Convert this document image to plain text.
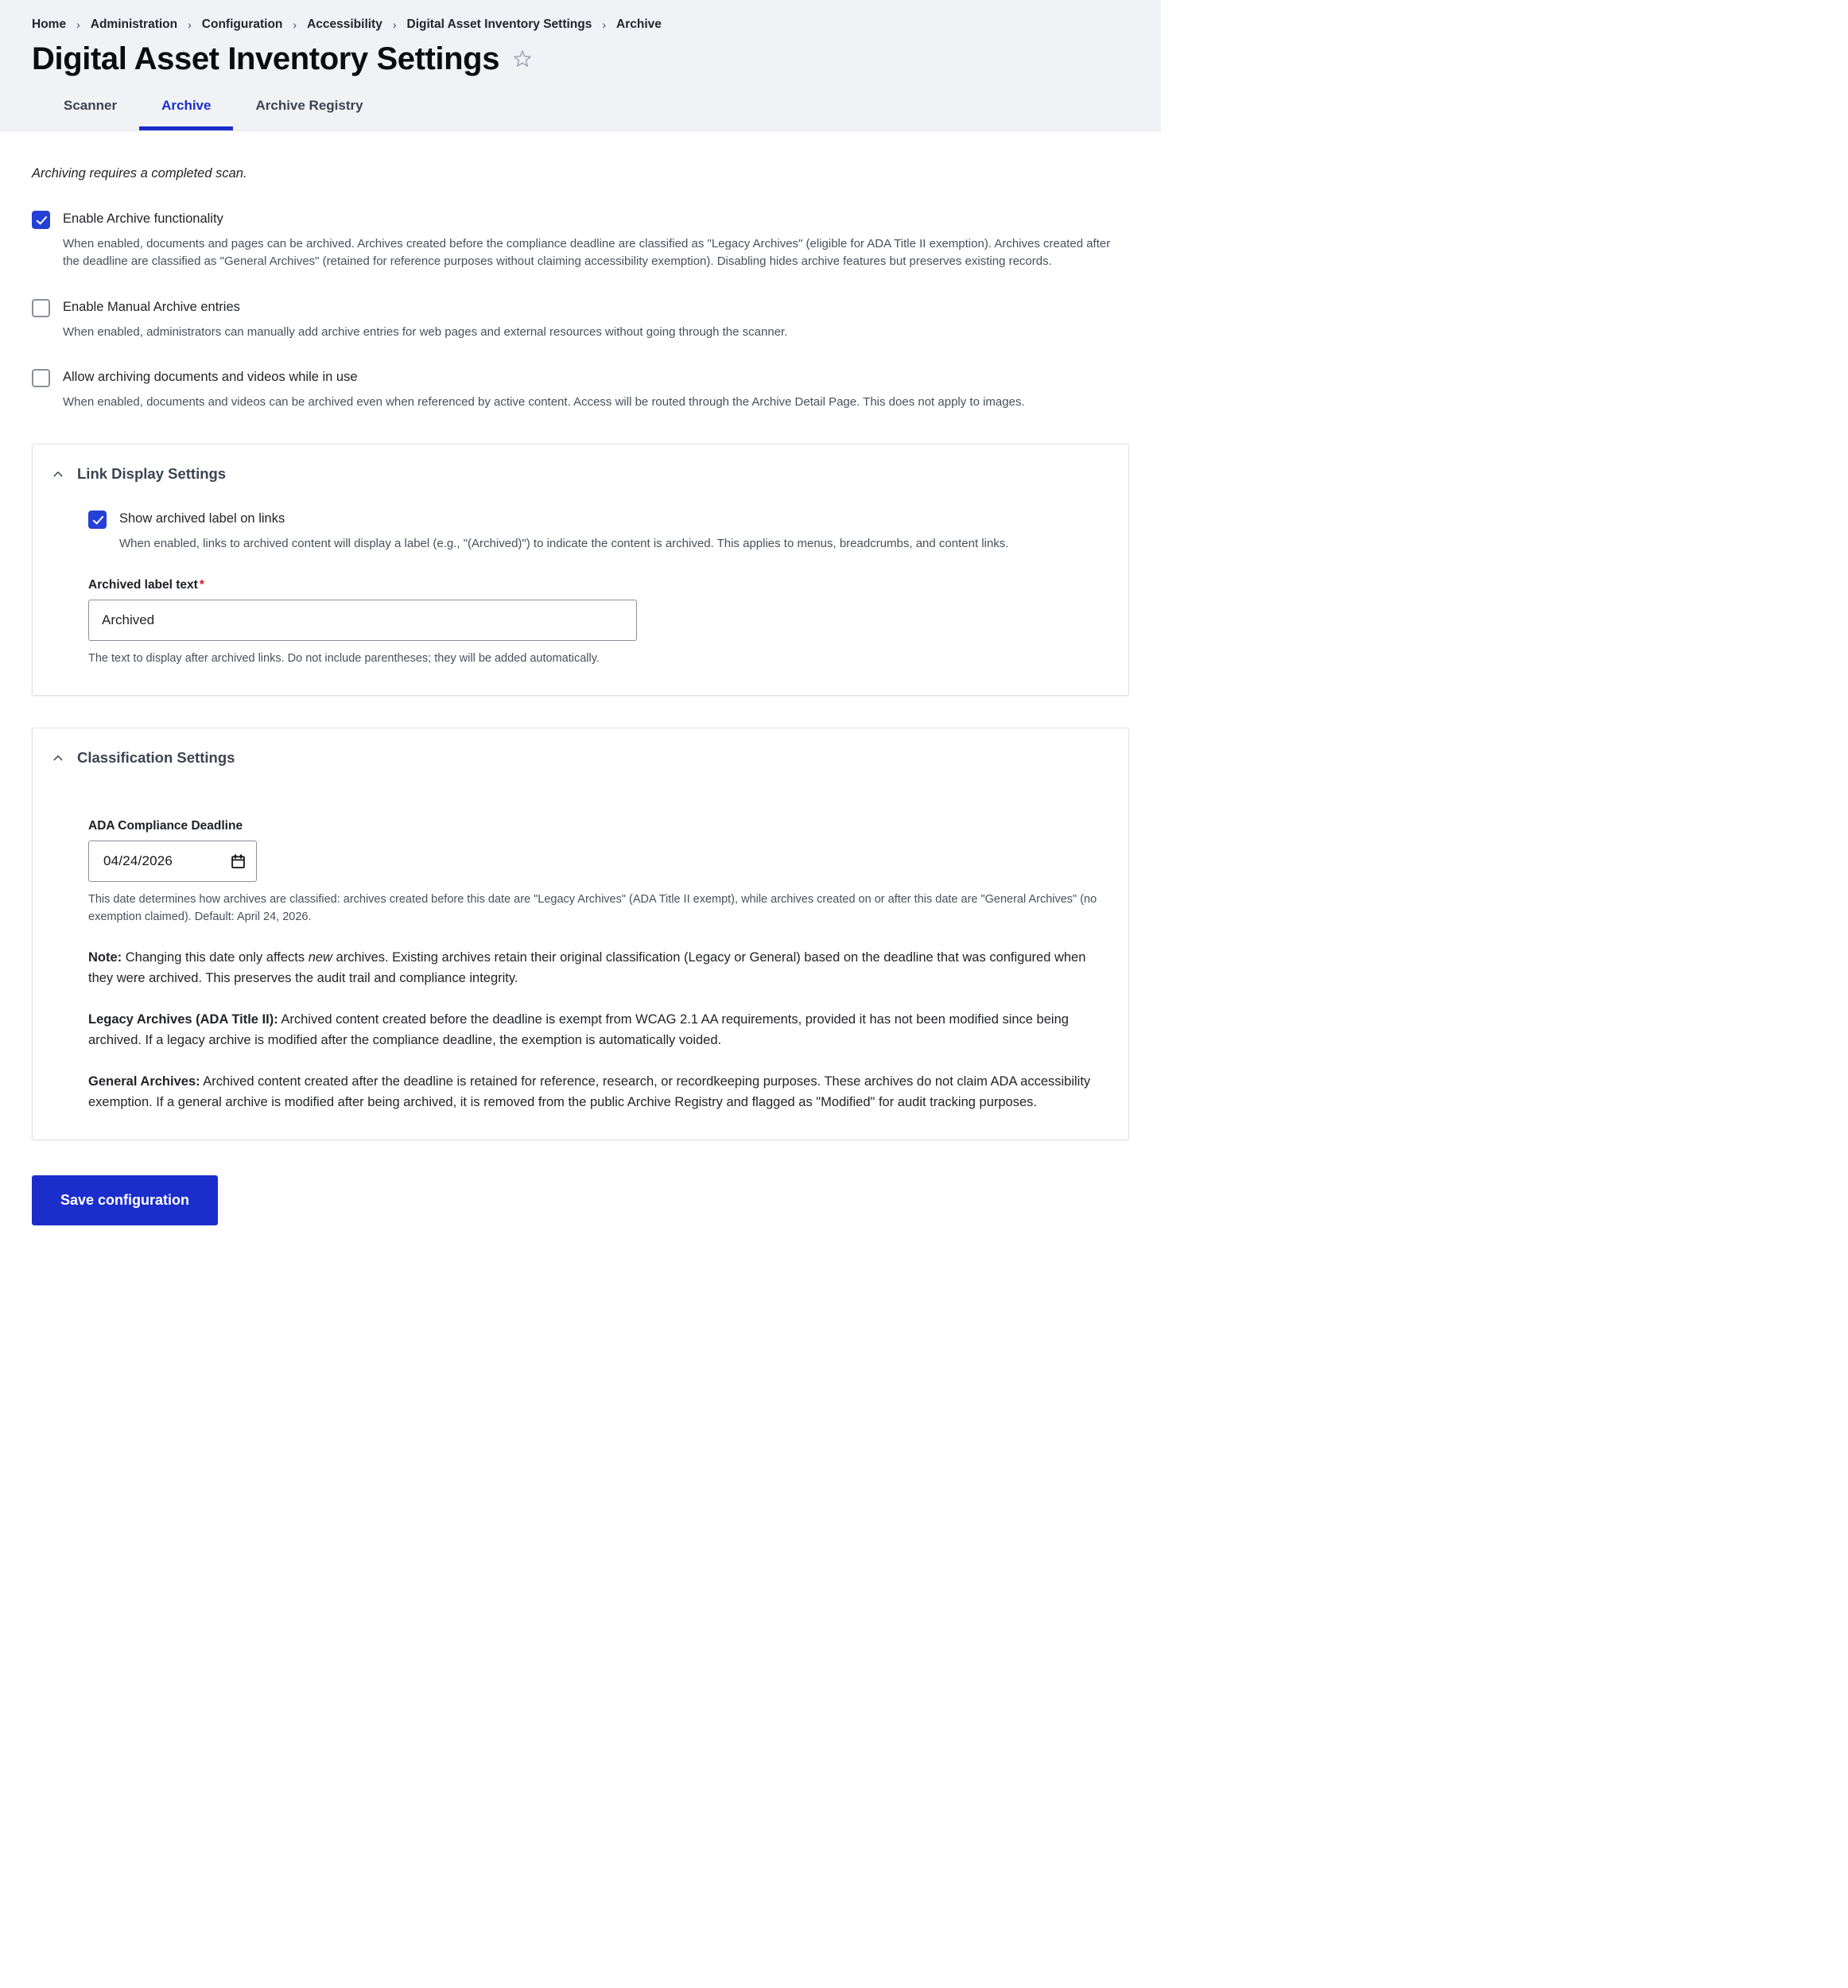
Home › Administration › Configuration › Accessibility › Digital Asset Inventory Settings › Archive
Digital Asset Inventory Settings
Scanner	Archive	Archive Registry

Archiving requires a completed scan.

Enable Archive functionality
When enabled, documents and pages can be archived. Archives created before the compliance deadline are classified as "Legacy Archives" (eligible for ADA Title II exemption). Archives created after the deadline are classified as "General Archives" (retained for reference purposes without claiming accessibility exemption). Disabling hides archive features but preserves existing records.
Enable Manual Archive entries
When enabled, administrators can manually add archive entries for web pages and external resources without going through the scanner.
Allow archiving documents and videos while in use
When enabled, documents and videos can be archived even when referenced by active content. Access will be routed through the Archive Detail Page. This does not apply to images.
Link Display Settings
Show archived label on links
When enabled, links to archived content will display a label (e.g., "(Archived)") to indicate the content is archived. This applies to menus, breadcrumbs, and content links.
Archived label text *
Archived
The text to display after archived links. Do not include parentheses; they will be added automatically.
Classification Settings
ADA Compliance Deadline
04/24/2026
This date determines how archives are classified: archives created before this date are "Legacy Archives" (ADA Title II exempt), while archives created on or after this date are "General Archives" (no exemption claimed). Default: April 24, 2026.

Note: Changing this date only affects new archives. Existing archives retain their original classification (Legacy or General) based on the deadline that was configured when they were archived. This preserves the audit trail and compliance integrity.

Legacy Archives (ADA Title II): Archived content created before the deadline is exempt from WCAG 2.1 AA requirements, provided it has not been modified since being archived. If a legacy archive is modified after the compliance deadline, the exemption is automatically voided.

General Archives: Archived content created after the deadline is retained for reference, research, or recordkeeping purposes. These archives do not claim ADA accessibility exemption. If a general archive is modified after being archived, it is removed from the public Archive Registry and flagged as "Modified" for audit tracking purposes.

Save configuration
